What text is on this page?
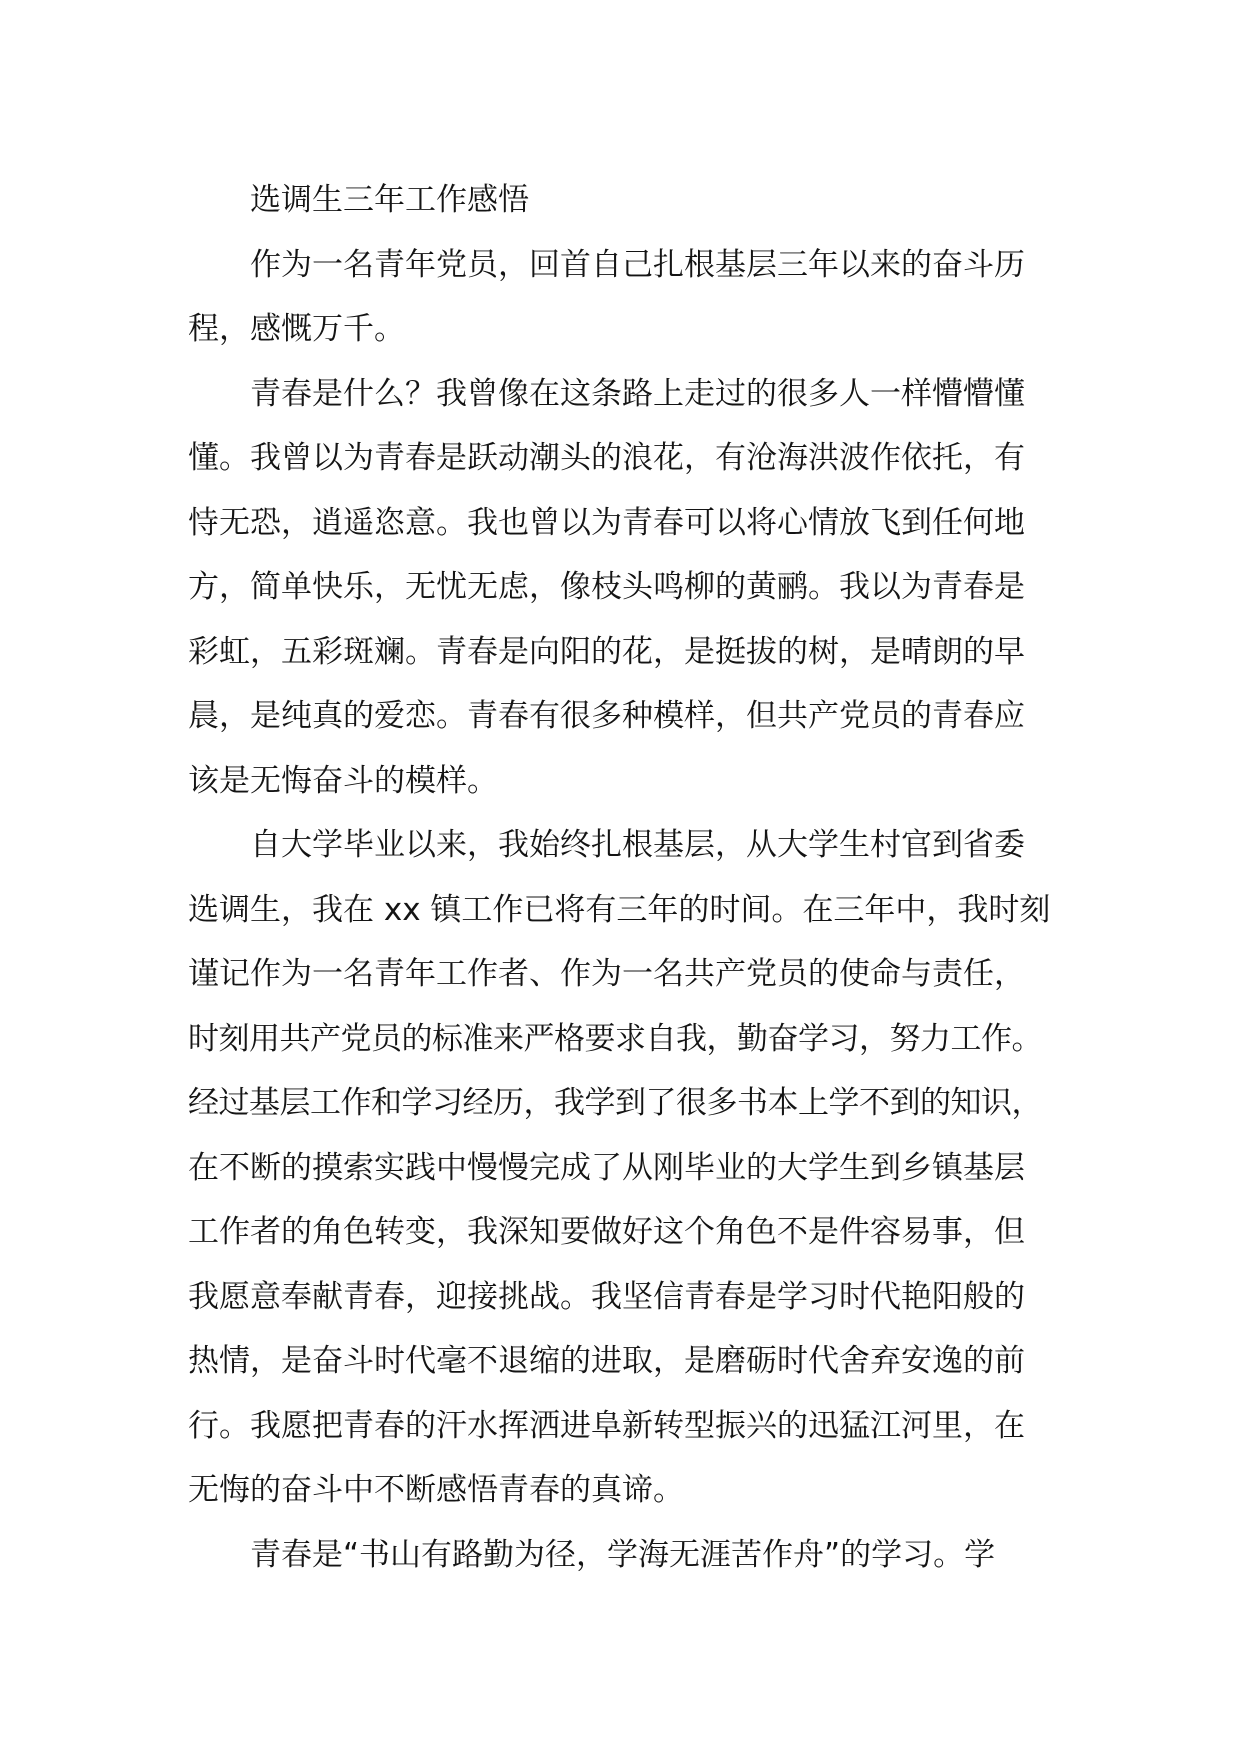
选调生三年工作感悟
作为一名青年党员，回首自己扎根基层三年以来的奋斗历
程，感慨万千。
青春是什么？我曾像在这条路上走过的很多人一样懵懵懂
懂。我曾以为青春是跃动潮头的浪花，有沧海洪波作依托，有
恃无恐，逍遥恣意。我也曾以为青春可以将心情放飞到任何地
方，简单快乐，无忧无虑，像枝头鸣柳的黄鹂。我以为青春是
彩虹，五彩斑斓。青春是向阳的花，是挺拔的树，是晴朗的早
晨，是纯真的爱恋。青春有很多种模样，但共产党员的青春应
该是无悔奋斗的模样。
自大学毕业以来，我始终扎根基层，从大学生村官到省委
选调生，我在 xx 镇工作已将有三年的时间。在三年中，我时刻
谨记作为一名青年工作者、作为一名共产党员的使命与责任，
时刻用共产党员的标准来严格要求自我，勤奋学习，努力工作。
经过基层工作和学习经历，我学到了很多书本上学不到的知识，
在不断的摸索实践中慢慢完成了从刚毕业的大学生到乡镇基层
工作者的角色转变，我深知要做好这个角色不是件容易事，但
我愿意奉献青春，迎接挑战。我坚信青春是学习时代艳阳般的
热情，是奋斗时代毫不退缩的进取，是磨砺时代舍弃安逸的前
行。我愿把青春的汗水挥洒进阜新转型振兴的迅猛江河里，在
无悔的奋斗中不断感悟青春的真谛。
青春是“书山有路勤为径，学海无涯苦作舟”的学习。学
